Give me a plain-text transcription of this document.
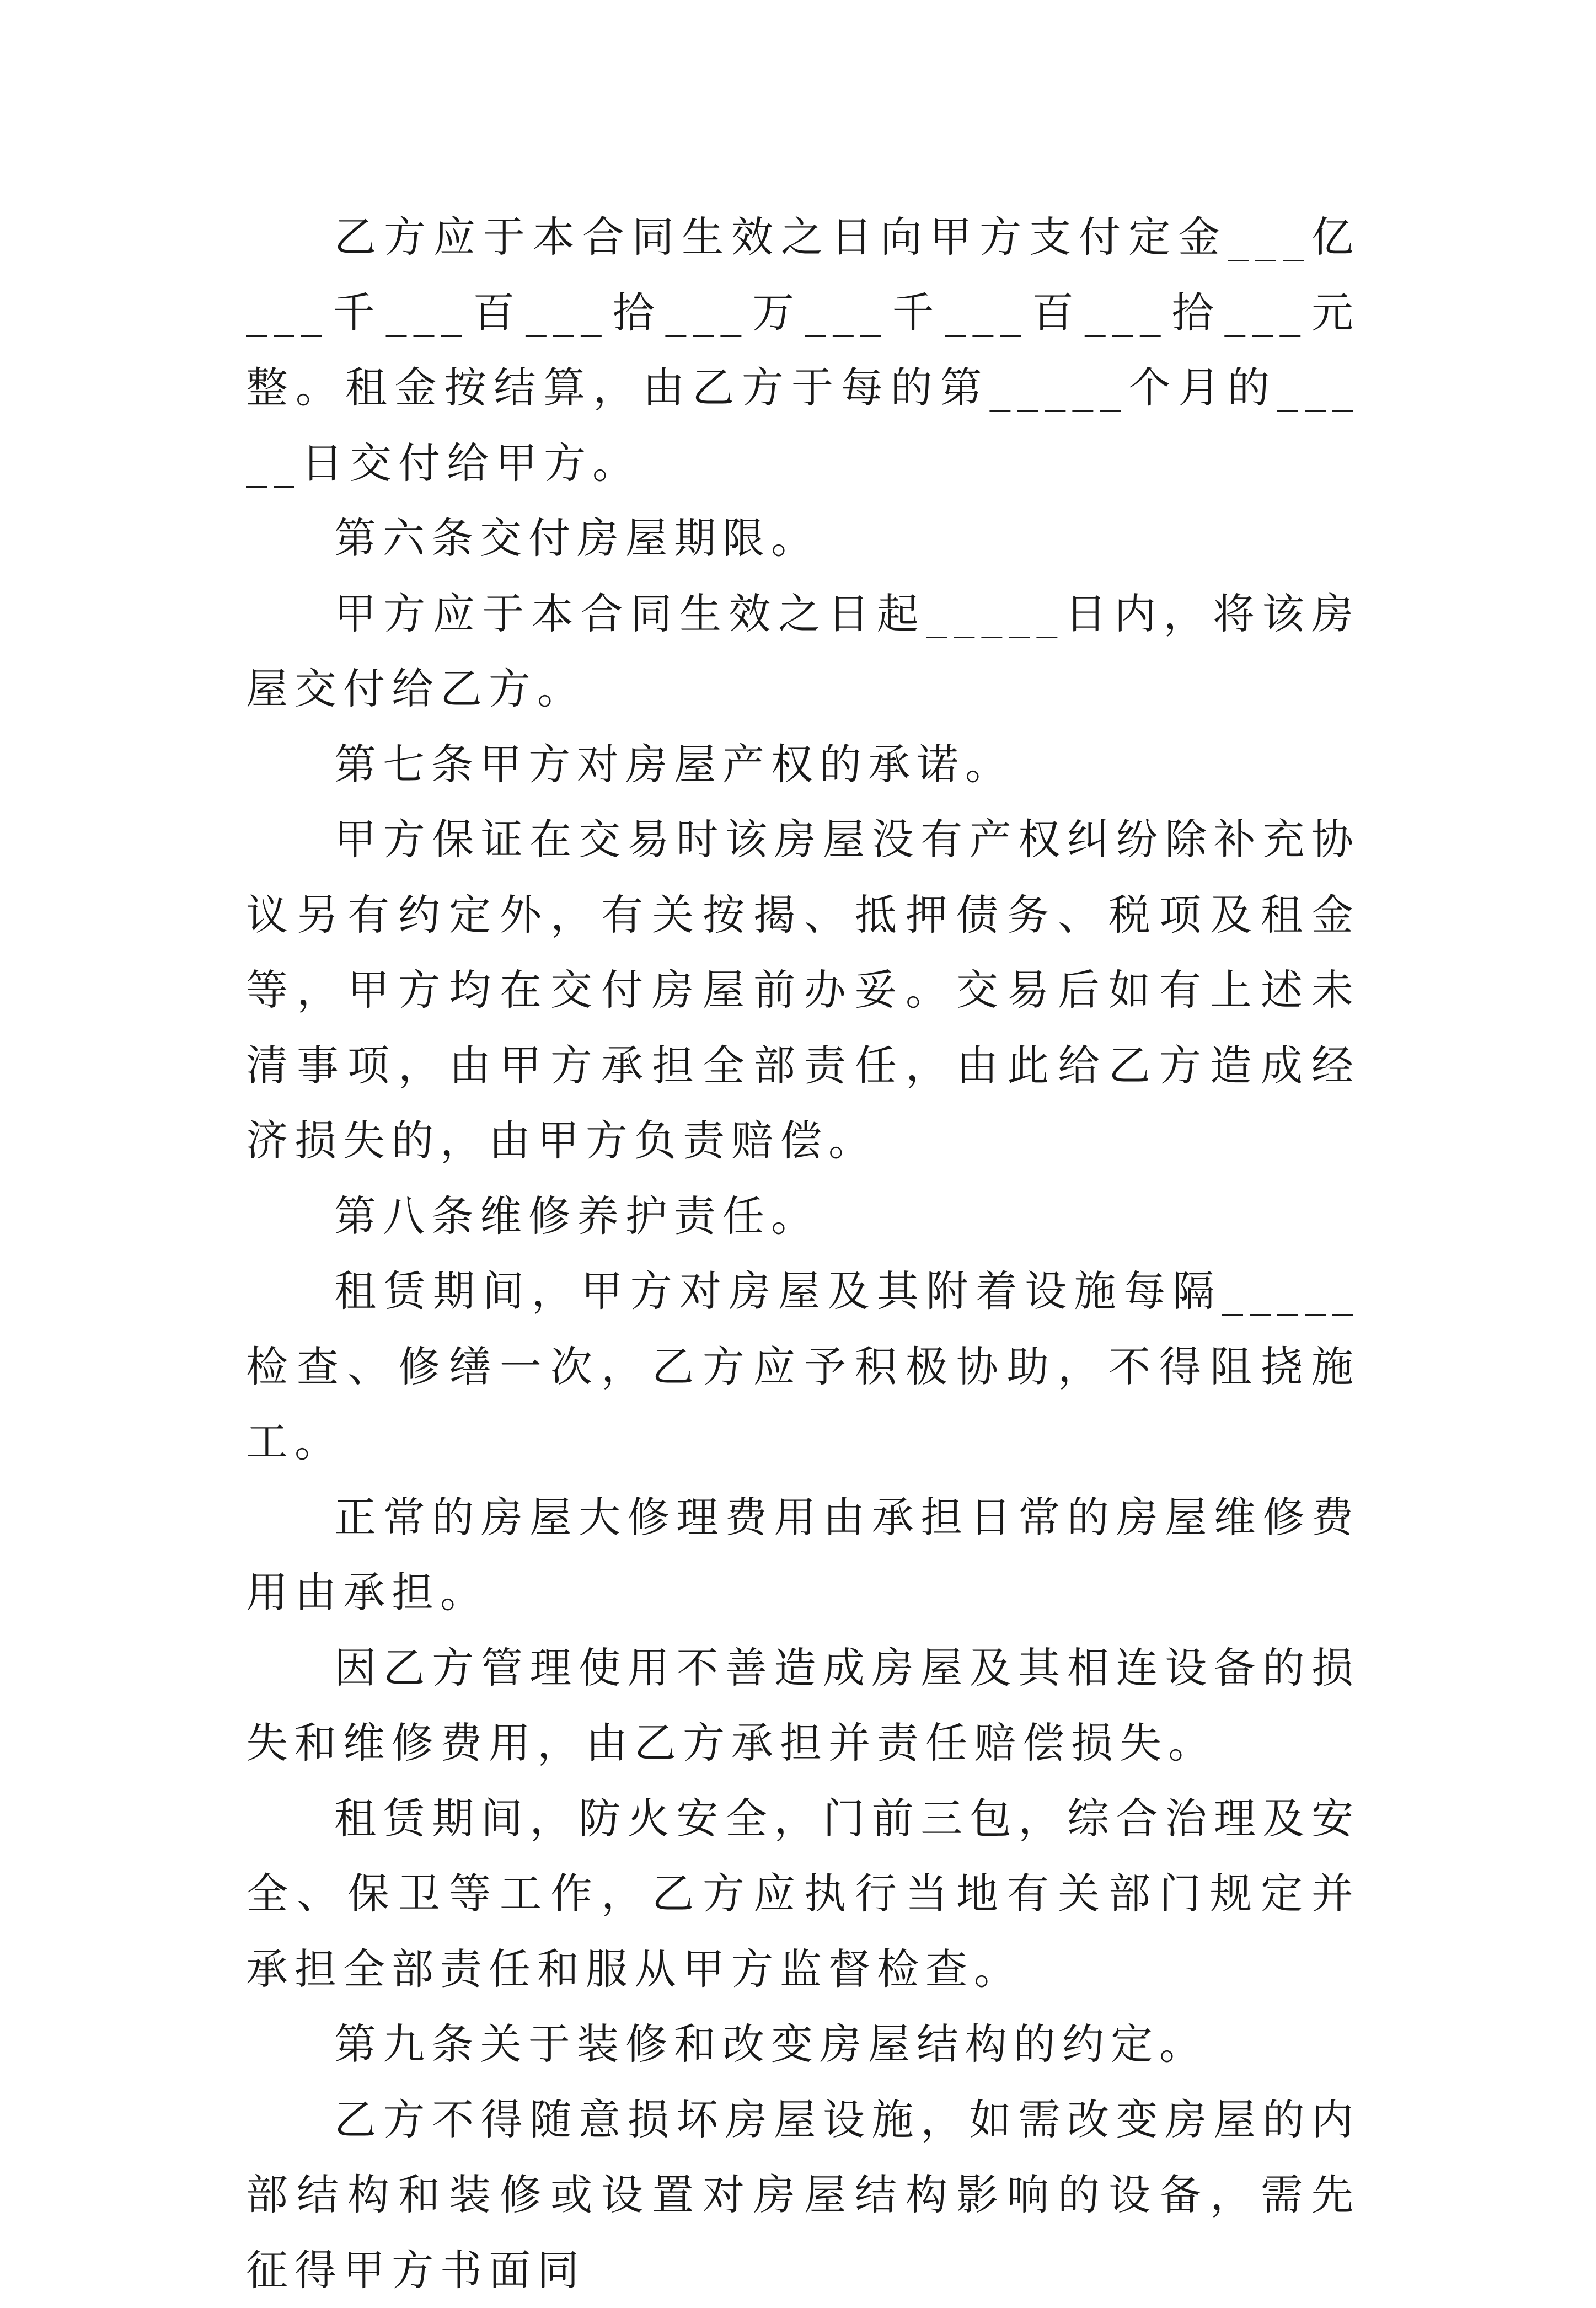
乙方应于本合同生效之日向甲方支付定金___亿___千___百___拾___万___千___百___拾___元整。租金按结算，由乙方于每的第_____个月的_____日交付给甲方。

第六条交付房屋期限。

甲方应于本合同生效之日起_____日内，将该房屋交付给乙方。

第七条甲方对房屋产权的承诺。

甲方保证在交易时该房屋没有产权纠纷除补充协议另有约定外，有关按揭、抵押债务、税项及租金等，甲方均在交付房屋前办妥。交易后如有上述未清事项，由甲方承担全部责任，由此给乙方造成经济损失的，由甲方负责赔偿。

第八条维修养护责任。

租赁期间，甲方对房屋及其附着设施每隔_____检查、修缮一次，乙方应予积极协助，不得阻挠施工。

正常的房屋大修理费用由承担日常的房屋维修费用由承担。

因乙方管理使用不善造成房屋及其相连设备的损失和维修费用，由乙方承担并责任赔偿损失。

租赁期间，防火安全，门前三包，综合治理及安全、保卫等工作，乙方应执行当地有关部门规定并承担全部责任和服从甲方监督检查。

第九条关于装修和改变房屋结构的约定。

乙方不得随意损坏房屋设施，如需改变房屋的内部结构和装修或设置对房屋结构影响的设备，需先征得甲方书面同
